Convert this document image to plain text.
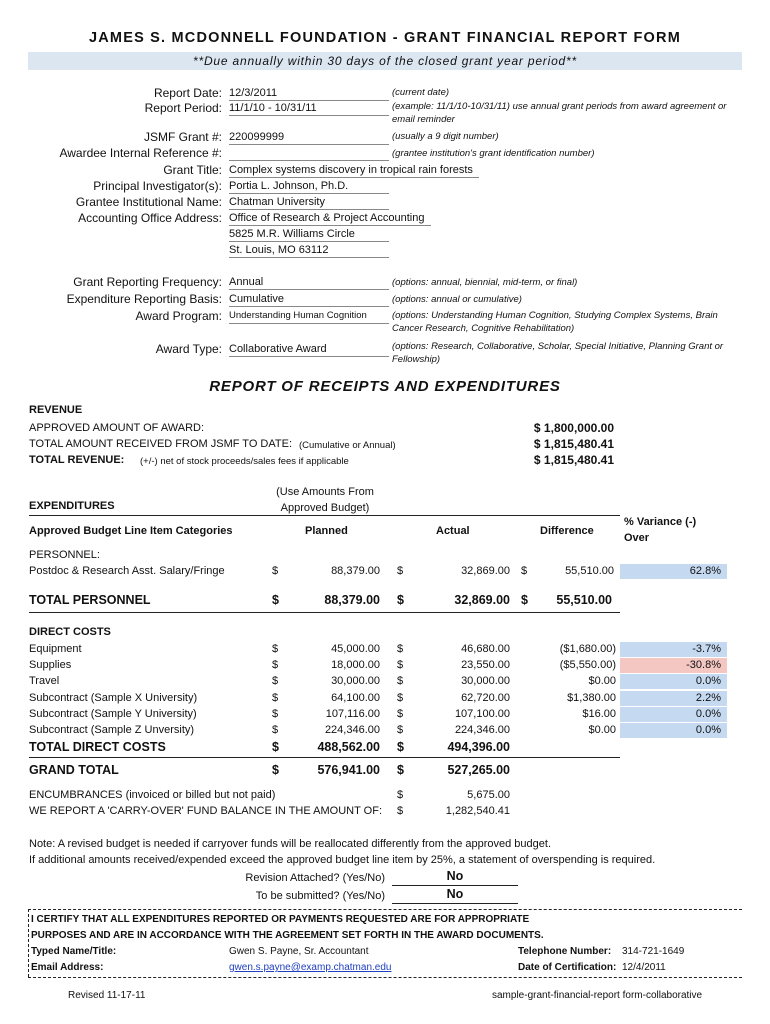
JAMES S. MCDONNELL FOUNDATION - GRANT FINANCIAL REPORT FORM
**Due annually within 30 days of the closed grant year period**
Report Date: 12/3/2011	(current date)
Report Period: 11/1/10 - 10/31/11	(example: 11/1/10-10/31/11) use annual grant periods from award agreement or email reminder
JSMF Grant #: 220099999	(usually a 9 digit number)
Awardee Internal Reference #:	(grantee institution's grant identification number)
Grant Title: Complex systems discovery in tropical rain forests
Principal Investigator(s): Portia L. Johnson, Ph.D.
Grantee Institutional Name: Chatman University
Accounting Office Address: Office of Research & Project Accounting
5825 M.R. Williams Circle
St. Louis, MO 63112
Grant Reporting Frequency: Annual	(options: annual, biennial, mid-term, or final)
Expenditure Reporting Basis: Cumulative	(options: annual or cumulative)
Award Program: Understanding Human Cognition	(options: Understanding Human Cognition, Studying Complex Systems, Brain Cancer Research, Cognitive Rehabilitation)
Award Type: Collaborative Award	(options: Research, Collaborative, Scholar, Special Initiative, Planning Grant or Fellowship)
REPORT OF RECEIPTS AND EXPENDITURES
REVENUE
APPROVED AMOUNT OF AWARD:	$ 1,800,000.00
TOTAL AMOUNT RECEIVED FROM JSMF TO DATE: (Cumulative or Annual)	$ 1,815,480.41
TOTAL REVENUE: (+/-) net of stock proceeds/sales fees if applicable	$ 1,815,480.41
(Use Amounts From
Approved Budget)
EXPENDITURES
Approved Budget Line Item Categories	Planned	Actual	Difference
% Variance (-)
Over
PERSONNEL:
Postdoc & Research Asst. Salary/Fringe	$	88,379.00 $	32,869.00 $	55,510.00	62.8%
TOTAL PERSONNEL	$	88,379.00 $	32,869.00 $	55,510.00
DIRECT COSTS
Equipment	$	45,000.00 $	46,680.00	($1,680.00)	-3.7%
Supplies	$	18,000.00 $	23,550.00	($5,550.00)	-30.8%
Travel	$	30,000.00 $	30,000.00	$0.00	0.0%
Subcontract (Sample X University)	$	64,100.00 $	62,720.00	$1,380.00	2.2%
Subcontract (Sample Y University)	$	107,116.00 $	107,100.00	$16.00	0.0%
Subcontract (Sample Z Unversity)	$	224,346.00 $	224,346.00	$0.00	0.0%
TOTAL DIRECT COSTS	$	488,562.00 $	494,396.00
GRAND TOTAL	$	576,941.00 $	527,265.00
ENCUMBRANCES (invoiced or billed but not paid)	$	5,675.00
WE REPORT A 'CARRY-OVER' FUND BALANCE IN THE AMOUNT OF: $	1,282,540.41
Note: A revised budget is needed if carryover funds will be reallocated differently from the approved budget.
If additional amounts received/expended exceed the approved budget line item by 25%, a statement of overspending is required.
Revision Attached? (Yes/No)	No
To be submitted? (Yes/No)	No
I CERTIFY THAT ALL EXPENDITURES REPORTED OR PAYMENTS REQUESTED ARE FOR APPROPRIATE
PURPOSES AND ARE IN ACCORDANCE WITH THE AGREEMENT SET FORTH IN THE AWARD DOCUMENTS.
Typed Name/Title:	Gwen S. Payne, Sr. Accountant	Telephone Number: 314-721-1649
Email Address:	gwen.s.payne@examp.chatman.edu	Date of Certification: 12/4/2011
Revised 11-17-11	sample-grant-financial-report form-collaborative
